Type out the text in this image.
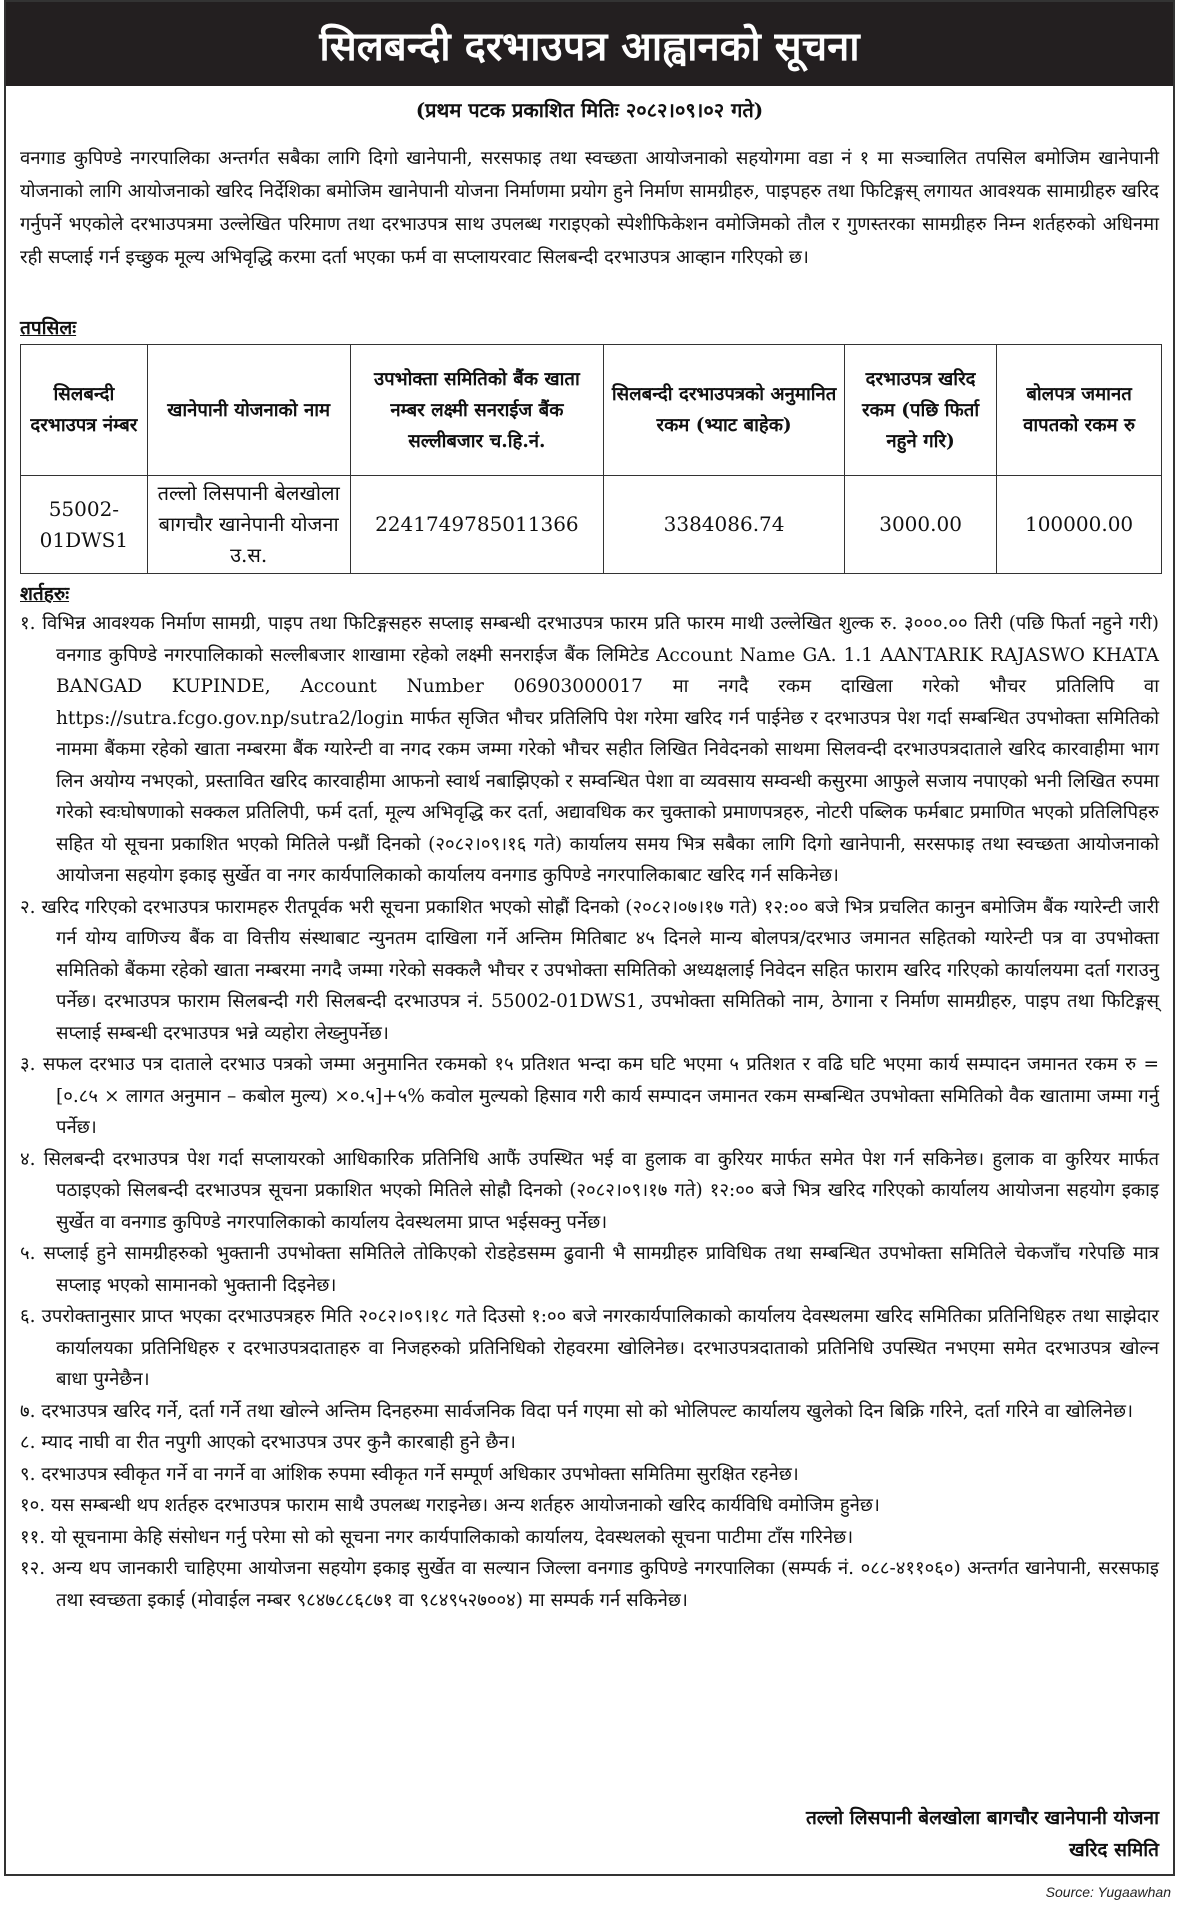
सिलबन्दी दरभाउपत्र आह्वानको सूचना
(प्रथम पटक प्रकाशित मितिः २०८२।०९।०२ गते)
वनगाड कुपिण्डे नगरपालिका अन्तर्गत सबैका लागि दिगो खानेपानी, सरसफाइ तथा स्वच्छता आयोजनाको सहयोगमा वडा नं १ मा सञ्चालित तपसिल बमोजिम खानेपानी योजनाको लागि आयोजनाको खरिद निर्देशिका बमोजिम खानेपानी योजना निर्माणमा प्रयोग हुने निर्माण सामग्रीहरु, पाइपहरु तथा फिटिङ्गस् लगायत आवश्यक सामाग्रीहरु खरिद गर्नुपर्ने भएकोले दरभाउपत्रमा उल्लेखित परिमाण तथा दरभाउपत्र साथ उपलब्ध गराइएको स्पेशीफिकेशन वमोजिमको तौल र गुणस्तरका सामग्रीहरु निम्न शर्तहरुको अधिनमा रही सप्लाई गर्न इच्छुक मूल्य अभिवृद्धि करमा दर्ता भएका फर्म वा सप्लायरवाट सिलबन्दी दरभाउपत्र आव्हान गरिएको छ।
तपसिलः
सिलबन्दी दरभाउपत्र नंम्बर	खानेपानी योजनाको नाम	उपभोक्ता समितिको बैंक खाता नम्बर लक्ष्मी सनराईज बैंक सल्लीबजार च.हि.नं.	सिलबन्दी दरभाउपत्रको अनुमानित रकम (भ्याट बाहेक)	दरभाउपत्र खरिद रकम (पछि फिर्ता नहुने गरि)	बोलपत्र जमानत वापतको रकम रु
55002-01DWS1	तल्लो लिसपानी बेलखोला बागचौर खानेपानी योजना उ.स.	2241749785011366	3384086.74	3000.00	100000.00
शर्तहरुः
१. विभिन्न आवश्यक निर्माण सामग्री, पाइप तथा फिटिङ्गसहरु सप्लाइ सम्बन्धी दरभाउपत्र फारम प्रति फारम माथी उल्लेखित शुल्क रु. ३०००.०० तिरी (पछि फिर्ता नहुने गरी) वनगाड कुपिण्डे नगरपालिकाको सल्लीबजार शाखामा रहेको लक्ष्मी सनराईज बैंक लिमिटेड Account Name GA. 1.1 AANTARIK RAJASWO KHATA BANGAD KUPINDE, Account Number 06903000017 मा नगदै रकम दाखिला गरेको भौचर प्रतिलिपि वा https://sutra.fcgo.gov.np/sutra2/login मार्फत सृजित भौचर प्रतिलिपि पेश गरेमा खरिद गर्न पाईनेछ र दरभाउपत्र पेश गर्दा सम्बन्धित उपभोक्ता समितिको नाममा बैंकमा रहेको खाता नम्बरमा बैंक ग्यारेन्टी वा नगद रकम जम्मा गरेको भौचर सहीत लिखित निवेदनको साथमा सिलवन्दी दरभाउपत्रदाताले खरिद कारवाहीमा भाग लिन अयोग्य नभएको, प्रस्तावित खरिद कारवाहीमा आफनो स्वार्थ नबाझिएको र सम्वन्धित पेशा वा व्यवसाय सम्वन्धी कसुरमा आफुले सजाय नपाएको भनी लिखित रुपमा गरेको स्वःघोषणाको सक्कल प्रतिलिपी, फर्म दर्ता, मूल्य अभिवृद्धि कर दर्ता, अद्यावधिक कर चुक्ताको प्रमाणपत्रहरु, नोटरी पब्लिक फर्मबाट प्रमाणित भएको प्रतिलिपिहरु सहित यो सूचना प्रकाशित भएको मितिले पन्ध्रौं दिनको (२०८२।०९।१६ गते) कार्यालय समय भित्र सबैका लागि दिगो खानेपानी, सरसफाइ तथा स्वच्छता आयोजनाको आयोजना सहयोग इकाइ सुर्खेत वा नगर कार्यपालिकाको कार्यालय वनगाड कुपिण्डे नगरपालिकाबाट खरिद गर्न सकिनेछ।
२. खरिद गरिएको दरभाउपत्र फारामहरु रीतपूर्वक भरी सूचना प्रकाशित भएको सोह्रौं दिनको (२०८२।०७।१७ गते) १२:०० बजे भित्र प्रचलित कानुन बमोजिम बैंक ग्यारेन्टी जारी गर्न योग्य वाणिज्य बैंक वा वित्तीय संस्थाबाट न्युनतम दाखिला गर्ने अन्तिम मितिबाट ४५ दिनले मान्य बोलपत्र/दरभाउ जमानत सहितको ग्यारेन्टी पत्र वा उपभोक्ता समितिको बैंकमा रहेको खाता नम्बरमा नगदै जम्मा गरेको सक्कलै भौचर र उपभोक्ता समितिको अध्यक्षलाई निवेदन सहित फाराम खरिद गरिएको कार्यालयमा दर्ता गराउनु पर्नेछ। दरभाउपत्र फाराम सिलबन्दी गरी सिलबन्दी दरभाउपत्र नं. 55002-01DWS1, उपभोक्ता समितिको नाम, ठेगाना र निर्माण सामग्रीहरु, पाइप तथा फिटिङ्गस् सप्लाई सम्बन्धी दरभाउपत्र भन्ने व्यहोरा लेख्नुपर्नेछ।
३. सफल दरभाउ पत्र दाताले दरभाउ पत्रको जम्मा अनुमानित रकमको १५ प्रतिशत भन्दा कम घटि भएमा ५ प्रतिशत र वढि घटि भएमा कार्य सम्पादन जमानत रकम रु = [०.८५ × लागत अनुमान – कबोल मुल्य) ×०.५]+५% कवोल मुल्यको हिसाव गरी कार्य सम्पादन जमानत रकम सम्बन्धित उपभोक्ता समितिको वैक खातामा जम्मा गर्नु पर्नेछ।
४. सिलबन्दी दरभाउपत्र पेश गर्दा सप्लायरको आधिकारिक प्रतिनिधि आफैं उपस्थित भई वा हुलाक वा कुरियर मार्फत समेत पेश गर्न सकिनेछ। हुलाक वा कुरियर मार्फत पठाइएको सिलबन्दी दरभाउपत्र सूचना प्रकाशित भएको मितिले सोह्रौ दिनको (२०८२।०९।१७ गते) १२:०० बजे भित्र खरिद गरिएको कार्यालय आयोजना सहयोग इकाइ सुर्खेत वा वनगाड कुपिण्डे नगरपालिकाको कार्यालय देवस्थलमा प्राप्त भईसक्नु पर्नेछ।
५. सप्लाई हुने सामग्रीहरुको भुक्तानी उपभोक्ता समितिले तोकिएको रोडहेडसम्म ढुवानी भै सामग्रीहरु प्राविधिक तथा सम्बन्धित उपभोक्ता समितिले चेकजाँच गरेपछि मात्र सप्लाइ भएको सामानको भुक्तानी दिइनेछ।
६. उपरोक्तानुसार प्राप्त भएका दरभाउपत्रहरु मिति २०८२।०९।१८ गते दिउसो १:०० बजे नगरकार्यपालिकाको कार्यालय देवस्थलमा खरिद समितिका प्रतिनिधिहरु तथा साझेदार कार्यालयका प्रतिनिधिहरु र दरभाउपत्रदाताहरु वा निजहरुको प्रतिनिधिको रोहवरमा खोलिनेछ। दरभाउपत्रदाताको प्रतिनिधि उपस्थित नभएमा समेत दरभाउपत्र खोल्न बाधा पुग्नेछैन।
७. दरभाउपत्र खरिद गर्ने, दर्ता गर्ने तथा खोल्ने अन्तिम दिनहरुमा सार्वजनिक विदा पर्न गएमा सो को भोलिपल्ट कार्यालय खुलेको दिन बिक्रि गरिने, दर्ता गरिने वा खोलिनेछ।
८. म्याद नाघी वा रीत नपुगी आएको दरभाउपत्र उपर कुनै कारबाही हुने छैन।
९. दरभाउपत्र स्वीकृत गर्ने वा नगर्ने वा आंशिक रुपमा स्वीकृत गर्ने सम्पूर्ण अधिकार उपभोक्ता समितिमा सुरक्षित रहनेछ।
१०. यस सम्बन्धी थप शर्तहरु दरभाउपत्र फाराम साथै उपलब्ध गराइनेछ। अन्य शर्तहरु आयोजनाको खरिद कार्यविधि वमोजिम हुनेछ।
११. यो सूचनामा केहि संसोधन गर्नु परेमा सो को सूचना नगर कार्यपालिकाको कार्यालय, देवस्थलको सूचना पाटीमा टाँस गरिनेछ।
१२. अन्य थप जानकारी चाहिएमा आयोजना सहयोग इकाइ सुर्खेत वा सल्यान जिल्ला वनगाड कुपिण्डे नगरपालिका (सम्पर्क नं. ०८८-४११०६०) अन्तर्गत खानेपानी, सरसफाइ तथा स्वच्छता इकाई (मोवाईल नम्बर ९८४७८८६८७१ वा ९८४९५२७००४) मा सम्पर्क गर्न सकिनेछ।
तल्लो लिसपानी बेलखोला बागचौर खानेपानी योजना
खरिद समिति
Source: Yugaawhan
